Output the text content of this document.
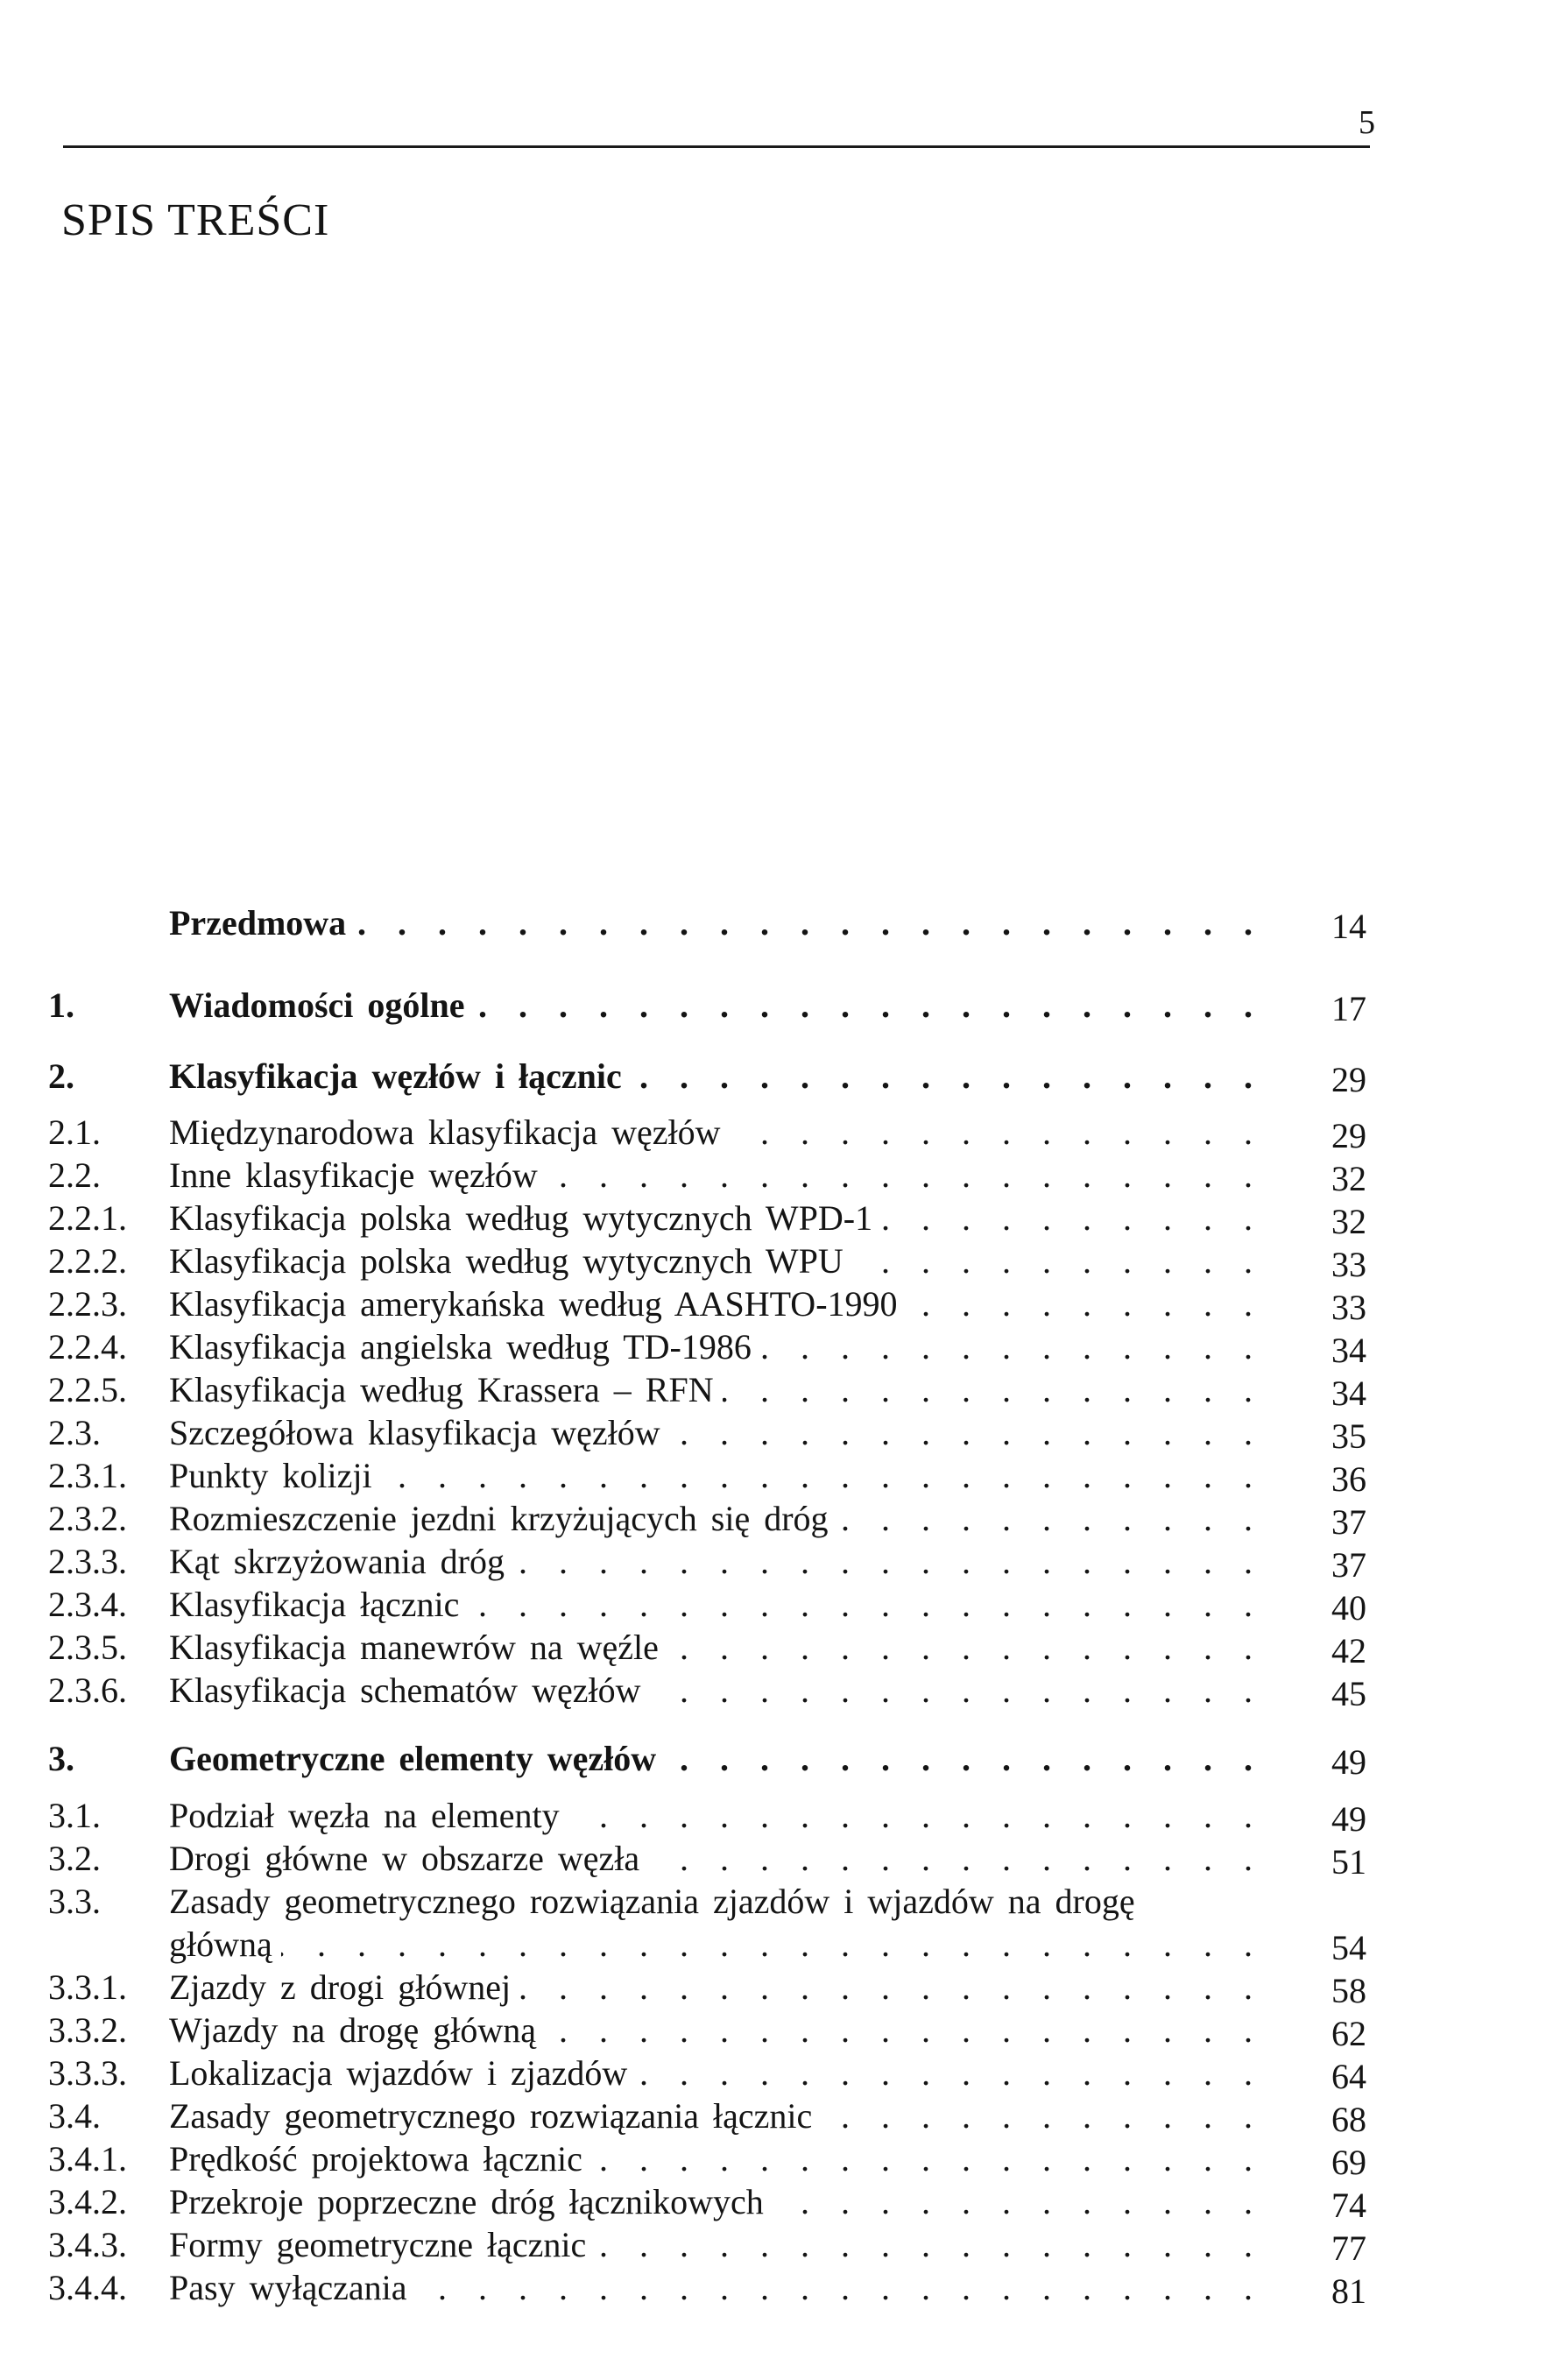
5
SPIS TREŚCI
Przedmowa . . .	14
1.	Wiadomości ogólne . . .	17
2.	Klasyfikacja węzłów i łącznic . . .	29
2.1.	Międzynarodowa klasyfikacja węzłów . . .	29
2.2.	Inne klasyfikacje węzłów . . .	32
2.2.1.	Klasyfikacja polska według wytycznych WPD-1 . . .	32
2.2.2.	Klasyfikacja polska według wytycznych WPU . . .	33
2.2.3.	Klasyfikacja amerykańska według AASHTO-1990 . . .	33
2.2.4.	Klasyfikacja angielska według TD-1986 . . .	34
2.2.5.	Klasyfikacja według Krassera – RFN . . .	34
2.3.	Szczegółowa klasyfikacja węzłów . . .	35
2.3.1.	Punkty kolizji . . .	36
2.3.2.	Rozmieszczenie jezdni krzyżujących się dróg . . .	37
2.3.3.	Kąt skrzyżowania dróg . . .	37
2.3.4.	Klasyfikacja łącznic . . .	40
2.3.5.	Klasyfikacja manewrów na węźle . . .	42
2.3.6.	Klasyfikacja schematów węzłów . . .	45
3.	Geometryczne elementy węzłów . . .	49
3.1.	Podział węzła na elementy . . .	49
3.2.	Drogi główne w obszarze węzła . . .	51
3.3.	Zasady geometrycznego rozwiązania zjazdów i wjazdów na drogę
główną . . .	54
3.3.1.	Zjazdy z drogi głównej . . .	58
3.3.2.	Wjazdy na drogę główną . . .	62
3.3.3.	Lokalizacja wjazdów i zjazdów . . .	64
3.4.	Zasady geometrycznego rozwiązania łącznic . . .	68
3.4.1.	Prędkość projektowa łącznic . . .	69
3.4.2.	Przekroje poprzeczne dróg łącznikowych . . .	74
3.4.3.	Formy geometryczne łącznic . . .	77
3.4.4.	Pasy wyłączania . . .	81
